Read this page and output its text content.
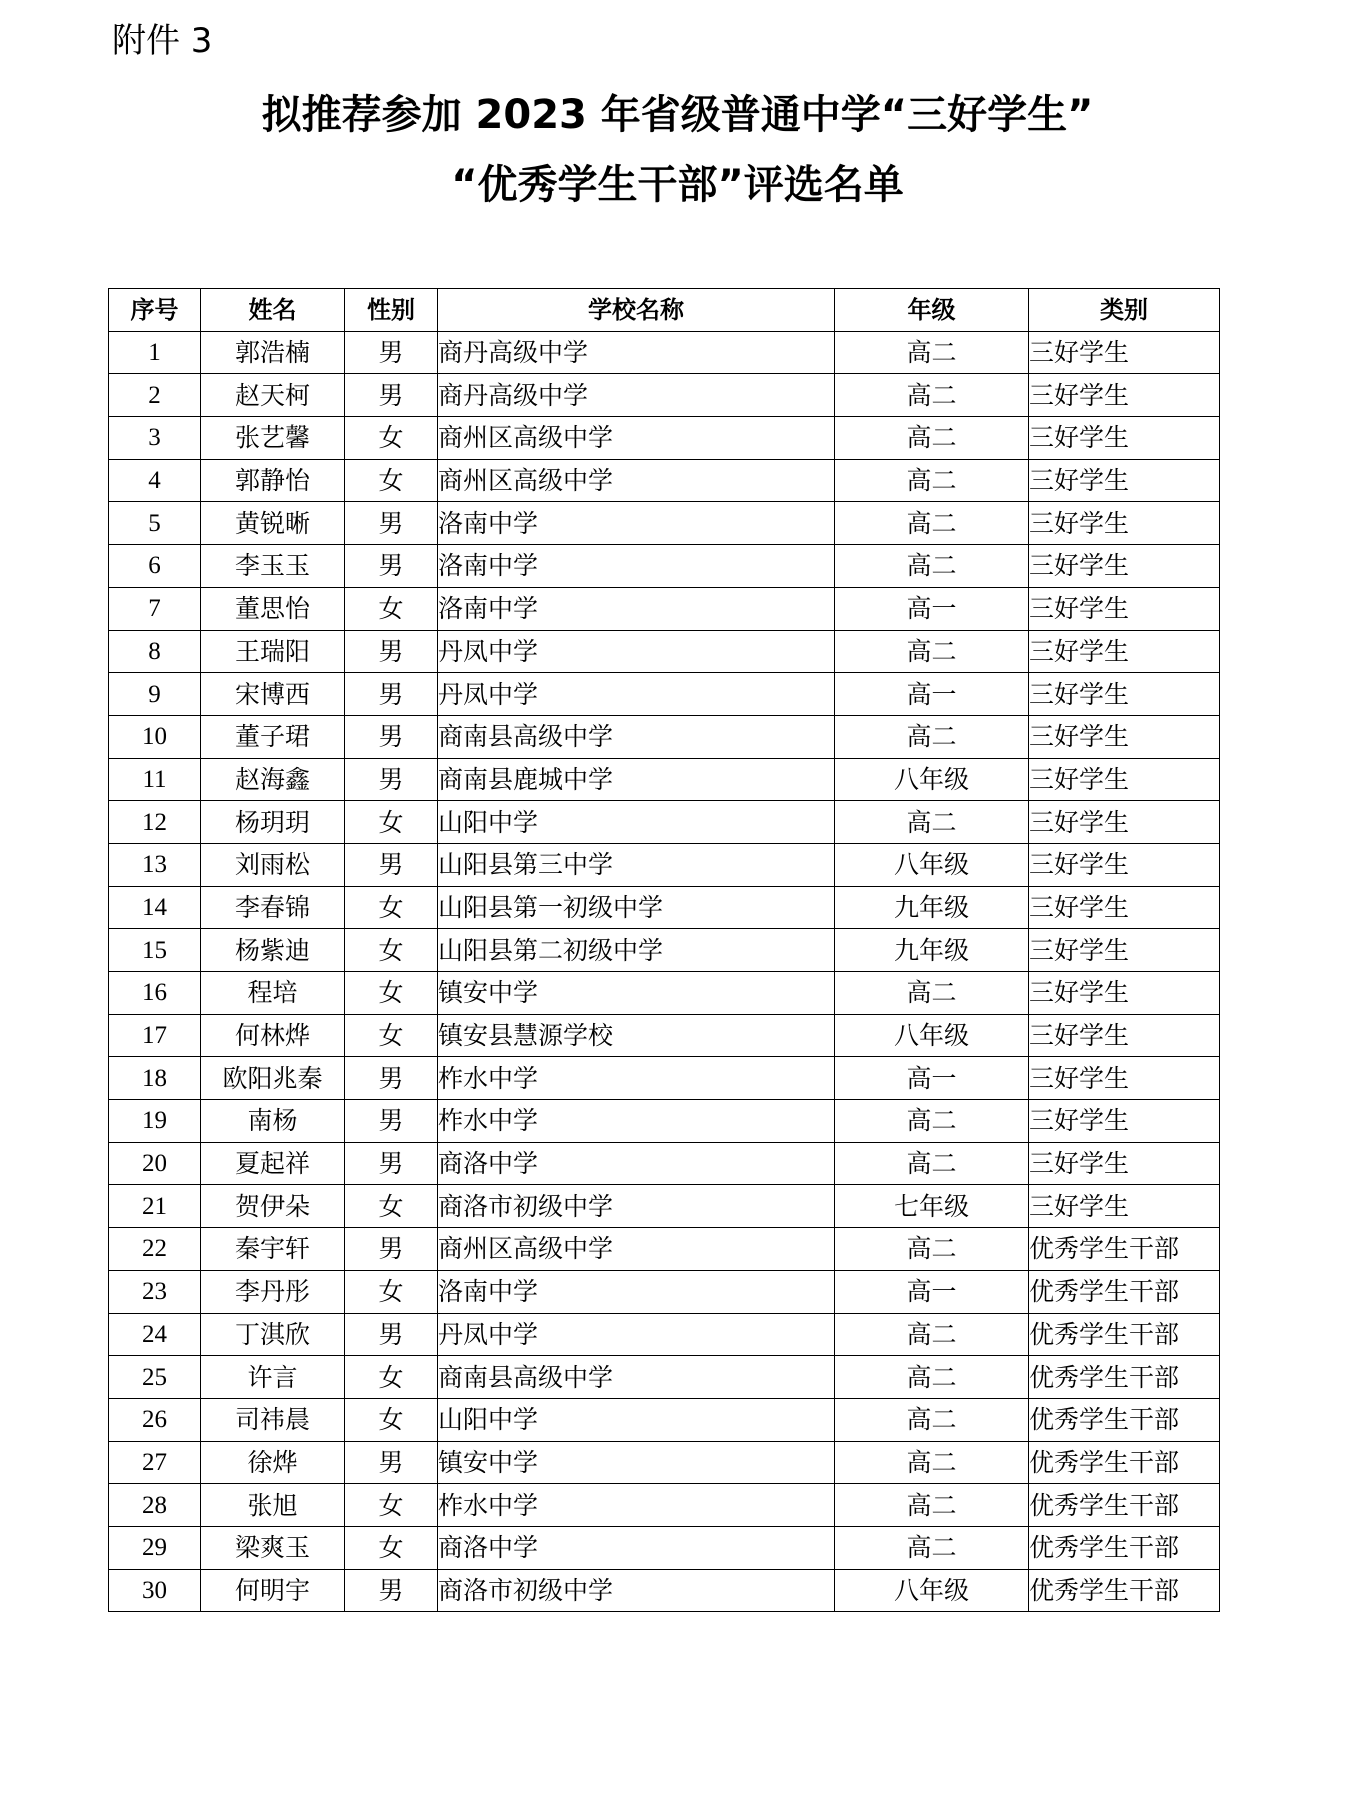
附件 3
拟推荐参加 2023 年省级普通中学“三好学生”
“优秀学生干部”评选名单
序号	姓名	性别	学校名称	年级	类别
1	郭浩楠	男	商丹高级中学	高二	三好学生
2	赵天柯	男	商丹高级中学	高二	三好学生
3	张艺馨	女	商州区高级中学	高二	三好学生
4	郭静怡	女	商州区高级中学	高二	三好学生
5	黄锐晰	男	洛南中学	高二	三好学生
6	李玉玉	男	洛南中学	高二	三好学生
7	董思怡	女	洛南中学	高一	三好学生
8	王瑞阳	男	丹凤中学	高二	三好学生
9	宋博西	男	丹凤中学	高一	三好学生
10	董子珺	男	商南县高级中学	高二	三好学生
11	赵海鑫	男	商南县鹿城中学	八年级	三好学生
12	杨玥玥	女	山阳中学	高二	三好学生
13	刘雨松	男	山阳县第三中学	八年级	三好学生
14	李春锦	女	山阳县第一初级中学	九年级	三好学生
15	杨紫迪	女	山阳县第二初级中学	九年级	三好学生
16	程培	女	镇安中学	高二	三好学生
17	何林烨	女	镇安县慧源学校	八年级	三好学生
18	欧阳兆秦	男	柞水中学	高一	三好学生
19	南杨	男	柞水中学	高二	三好学生
20	夏起祥	男	商洛中学	高二	三好学生
21	贺伊朵	女	商洛市初级中学	七年级	三好学生
22	秦宇轩	男	商州区高级中学	高二	优秀学生干部
23	李丹彤	女	洛南中学	高一	优秀学生干部
24	丁淇欣	男	丹凤中学	高二	优秀学生干部
25	许言	女	商南县高级中学	高二	优秀学生干部
26	司祎晨	女	山阳中学	高二	优秀学生干部
27	徐烨	男	镇安中学	高二	优秀学生干部
28	张旭	女	柞水中学	高二	优秀学生干部
29	梁爽玉	女	商洛中学	高二	优秀学生干部
30	何明宇	男	商洛市初级中学	八年级	优秀学生干部
